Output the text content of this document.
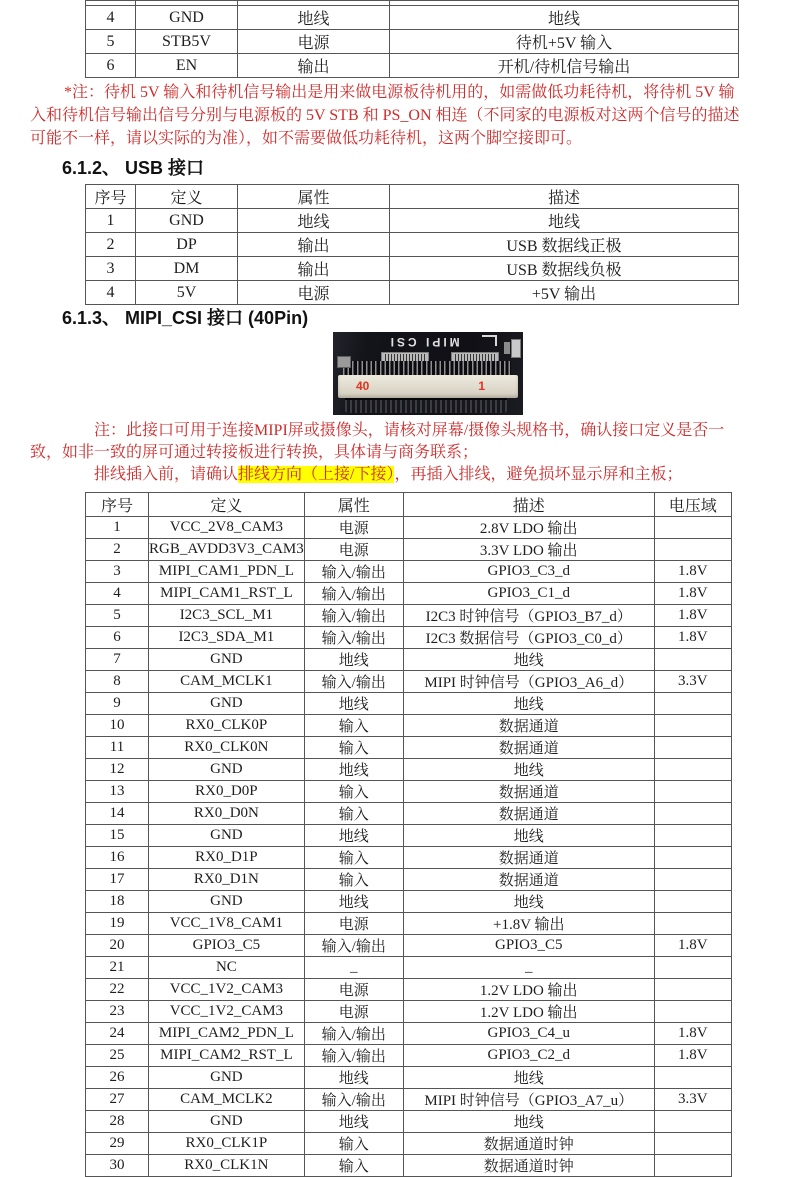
4	GND	地线	地线
5	STB5V	电源	待机+5V 输入
6	EN	输出	开机/待机信号输出
*注：待机 5V 输入和待机信号输出是用来做电源板待机用的，如需做低功耗待机，将待机 5V 输
入和待机信号输出信号分别与电源板的 5V STB 和 PS_ON 相连（不同家的电源板对这两个信号的描述
可能不一样，请以实际的为准），如不需要做低功耗待机，这两个脚空接即可。
6.1.2、 USB 接口
序号	定义	属性	描述
1	GND	地线	地线
2	DP	输出	USB 数据线正极
3	DM	输出	USB 数据线负极
4	5V	电源	+5V 输出
6.1.3、 MIPI_CSI 接口 (40Pin)
MIPI CSI
40	1
注：此接口可用于连接MIPI屏或摄像头，请核对屏幕/摄像头规格书，确认接口定义是否一
致，如非一致的屏可通过转接板进行转换，具体请与商务联系；
排线插入前，请确认排线方向（上接/下接），再插入排线，避免损坏显示屏和主板；
序号	定义	属性	描述	电压域
1	VCC_2V8_CAM3	电源	2.8V LDO 输出	
2	RGB_AVDD3V3_CAM3	电源	3.3V LDO 输出	
3	MIPI_CAM1_PDN_L	输入/输出	GPIO3_C3_d	1.8V
4	MIPI_CAM1_RST_L	输入/输出	GPIO3_C1_d	1.8V
5	I2C3_SCL_M1	输入/输出	I2C3 时钟信号（GPIO3_B7_d）	1.8V
6	I2C3_SDA_M1	输入/输出	I2C3 数据信号（GPIO3_C0_d）	1.8V
7	GND	地线	地线	
8	CAM_MCLK1	输入/输出	MIPI 时钟信号（GPIO3_A6_d）	3.3V
9	GND	地线	地线	
10	RX0_CLK0P	输入	数据通道	
11	RX0_CLK0N	输入	数据通道	
12	GND	地线	地线	
13	RX0_D0P	输入	数据通道	
14	RX0_D0N	输入	数据通道	
15	GND	地线	地线	
16	RX0_D1P	输入	数据通道	
17	RX0_D1N	输入	数据通道	
18	GND	地线	地线	
19	VCC_1V8_CAM1	电源	+1.8V 输出	
20	GPIO3_C5	输入/输出	GPIO3_C5	1.8V
21	NC	_	_	
22	VCC_1V2_CAM3	电源	1.2V LDO 输出	
23	VCC_1V2_CAM3	电源	1.2V LDO 输出	
24	MIPI_CAM2_PDN_L	输入/输出	GPIO3_C4_u	1.8V
25	MIPI_CAM2_RST_L	输入/输出	GPIO3_C2_d	1.8V
26	GND	地线	地线	
27	CAM_MCLK2	输入/输出	MIPI 时钟信号（GPIO3_A7_u）	3.3V
28	GND	地线	地线	
29	RX0_CLK1P	输入	数据通道时钟	
30	RX0_CLK1N	输入	数据通道时钟	
